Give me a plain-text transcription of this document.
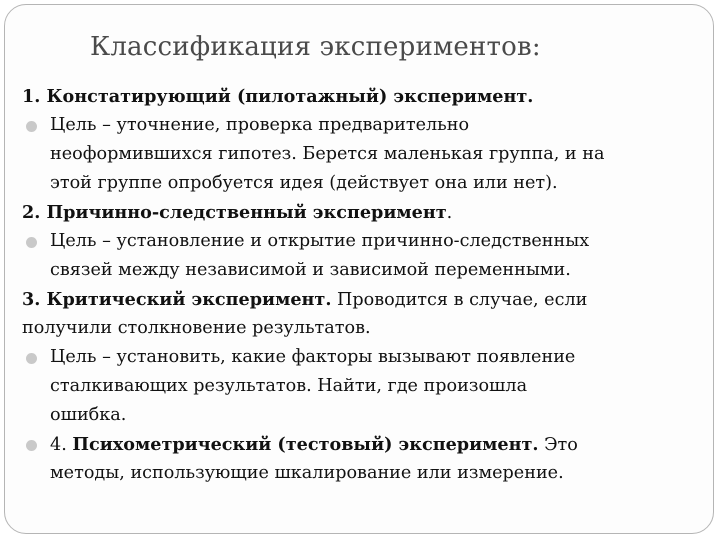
Классификация экспериментов:
1. Констатирующий (пилотажный) эксперимент.
Цель – уточнение, проверка предварительно
неоформившихся гипотез. Берется маленькая группа, и на
этой группе опробуется идея (действует она или нет).
2. Причинно-следственный эксперимент.
Цель – установление и открытие причинно-следственных
связей между независимой и зависимой переменными.
3. Критический эксперимент. Проводится в случае, если
получили столкновение результатов.
Цель – установить, какие факторы вызывают появление
сталкивающих результатов. Найти, где произошла
ошибка.
4. Психометрический (тестовый) эксперимент. Это
методы, использующие шкалирование или измерение.
